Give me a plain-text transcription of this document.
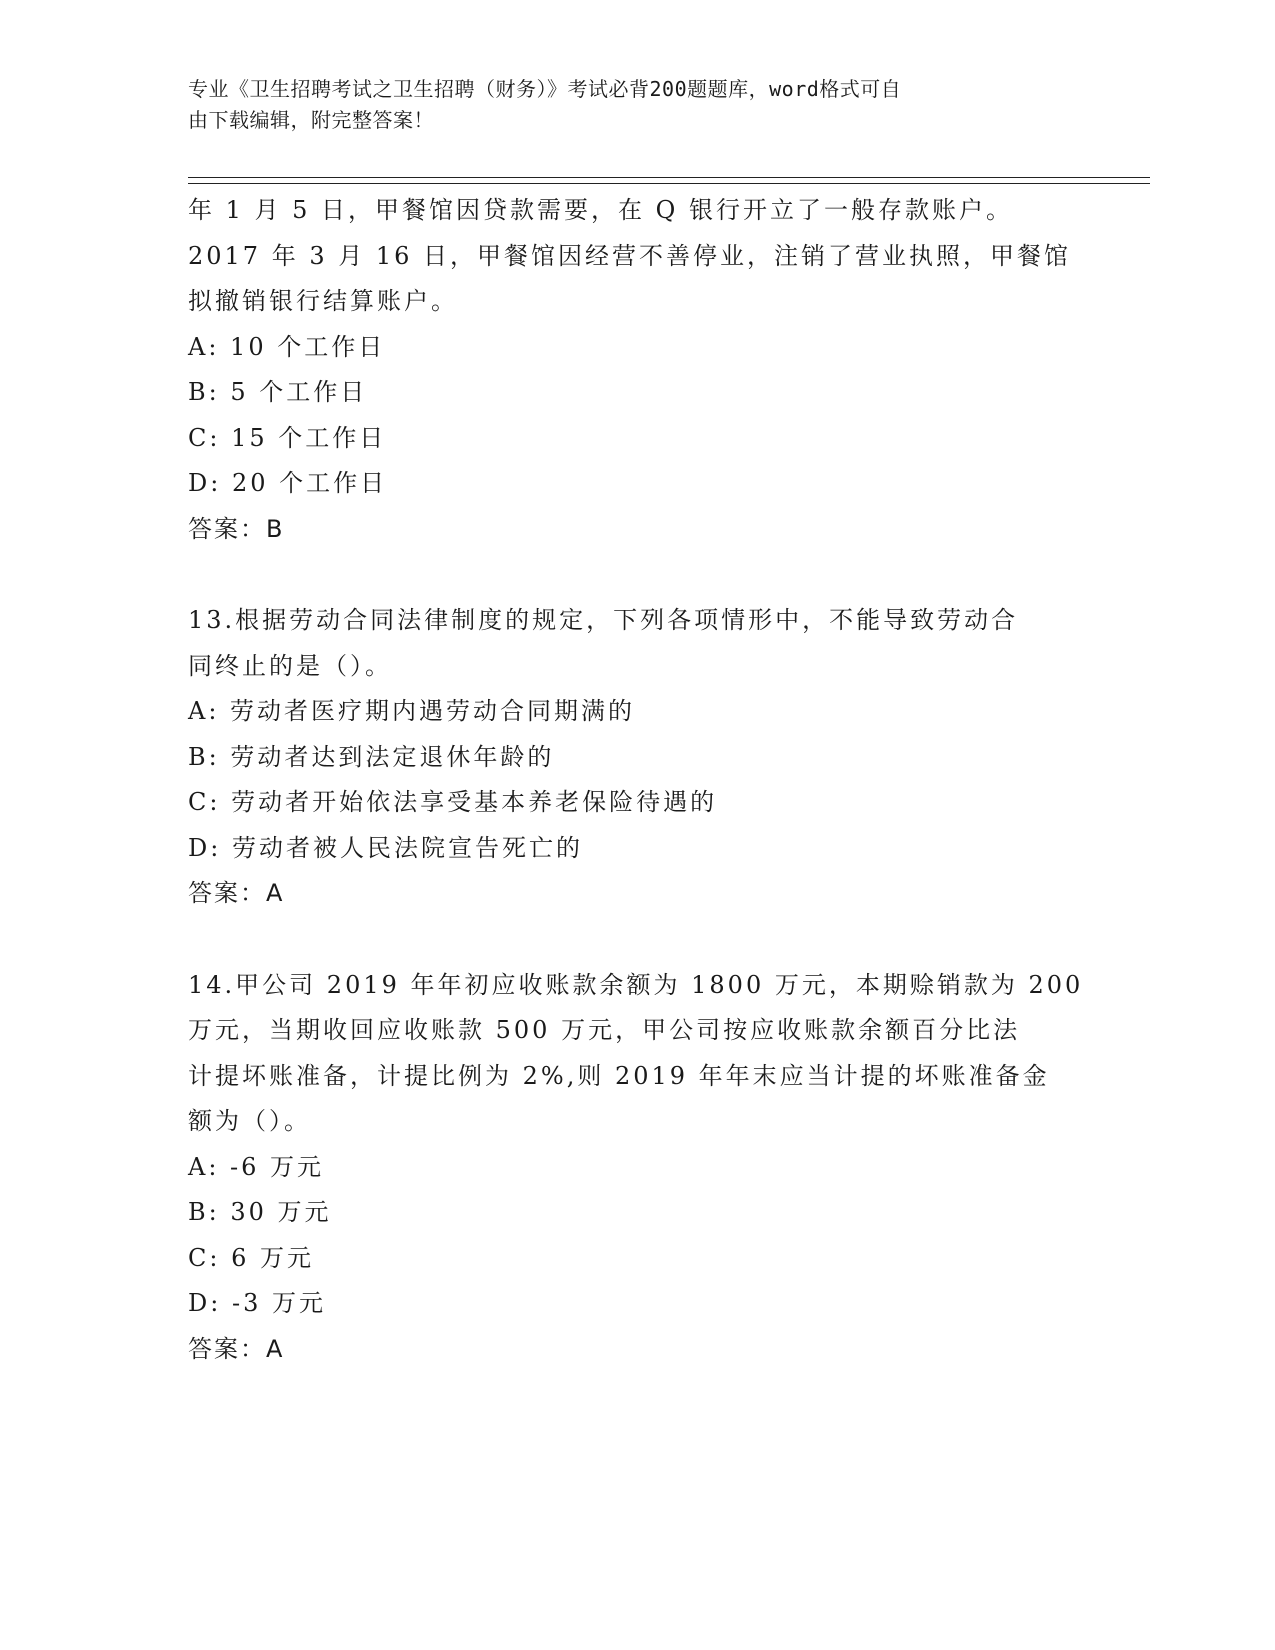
专业《卫生招聘考试之卫生招聘（财务）》考试必背200题题库，word格式可自
由下载编辑，附完整答案！
年 1 月 5 日，甲餐馆因贷款需要，在 Q 银行开立了一般存款账户。
2017 年 3 月 16 日，甲餐馆因经营不善停业，注销了营业执照，甲餐馆
拟撤销银行结算账户。
A: 10 个工作日
B: 5 个工作日
C: 15 个工作日
D: 20 个工作日
答案：B
13.根据劳动合同法律制度的规定，下列各项情形中，不能导致劳动合
同终止的是（）。
A: 劳动者医疗期内遇劳动合同期满的
B: 劳动者达到法定退休年龄的
C: 劳动者开始依法享受基本养老保险待遇的
D: 劳动者被人民法院宣告死亡的
答案：A
14.甲公司 2019 年年初应收账款余额为 1800 万元，本期赊销款为 200
万元，当期收回应收账款 500 万元，甲公司按应收账款余额百分比法
计提坏账准备，计提比例为 2%,则 2019 年年末应当计提的坏账准备金
额为（）。
A: -6 万元
B: 30 万元
C: 6 万元
D: -3 万元
答案：A
